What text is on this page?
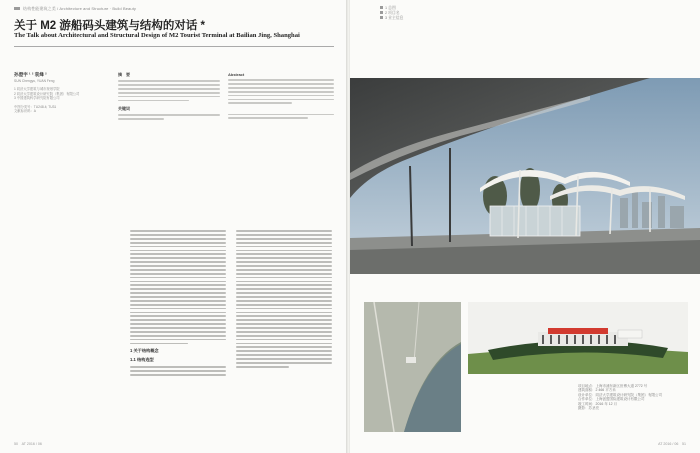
结构性能建筑之美 / Architecture and Structure · Build Beauty
关于 M2 游船码头建筑与结构的对话 *
The Talk about Architectural and Structural Design of M2 Tourist Terminal at Bailian Jing, Shanghai
孙澄宇 ¹ ² 袁烽 ²
SUN Chengyu, YUAN Feng
1 同济大学建筑与城市规划学院
2 同济大学建筑设计研究院（集团）有限公司
3 中国建筑科学研究院有限公司
中图分类号：TU248.4; TU31
文献标识码：A
摘　要
关键词
Abstract
1 关于结构概念
1.1 结构选型
50　AT 2016 / 06
1 总图
2 项目名
3 业主信息
项目地点：上海市浦东新区世博大道 2772 号
建筑面积：2 466 平方米
设计单位：同济大学建筑设计研究院（集团）有限公司
合作单位：上海创盟国际建筑设计有限公司
竣工时间：2016 年 12 月
摄影：苏圣亮
AT 2016 / 06　51
